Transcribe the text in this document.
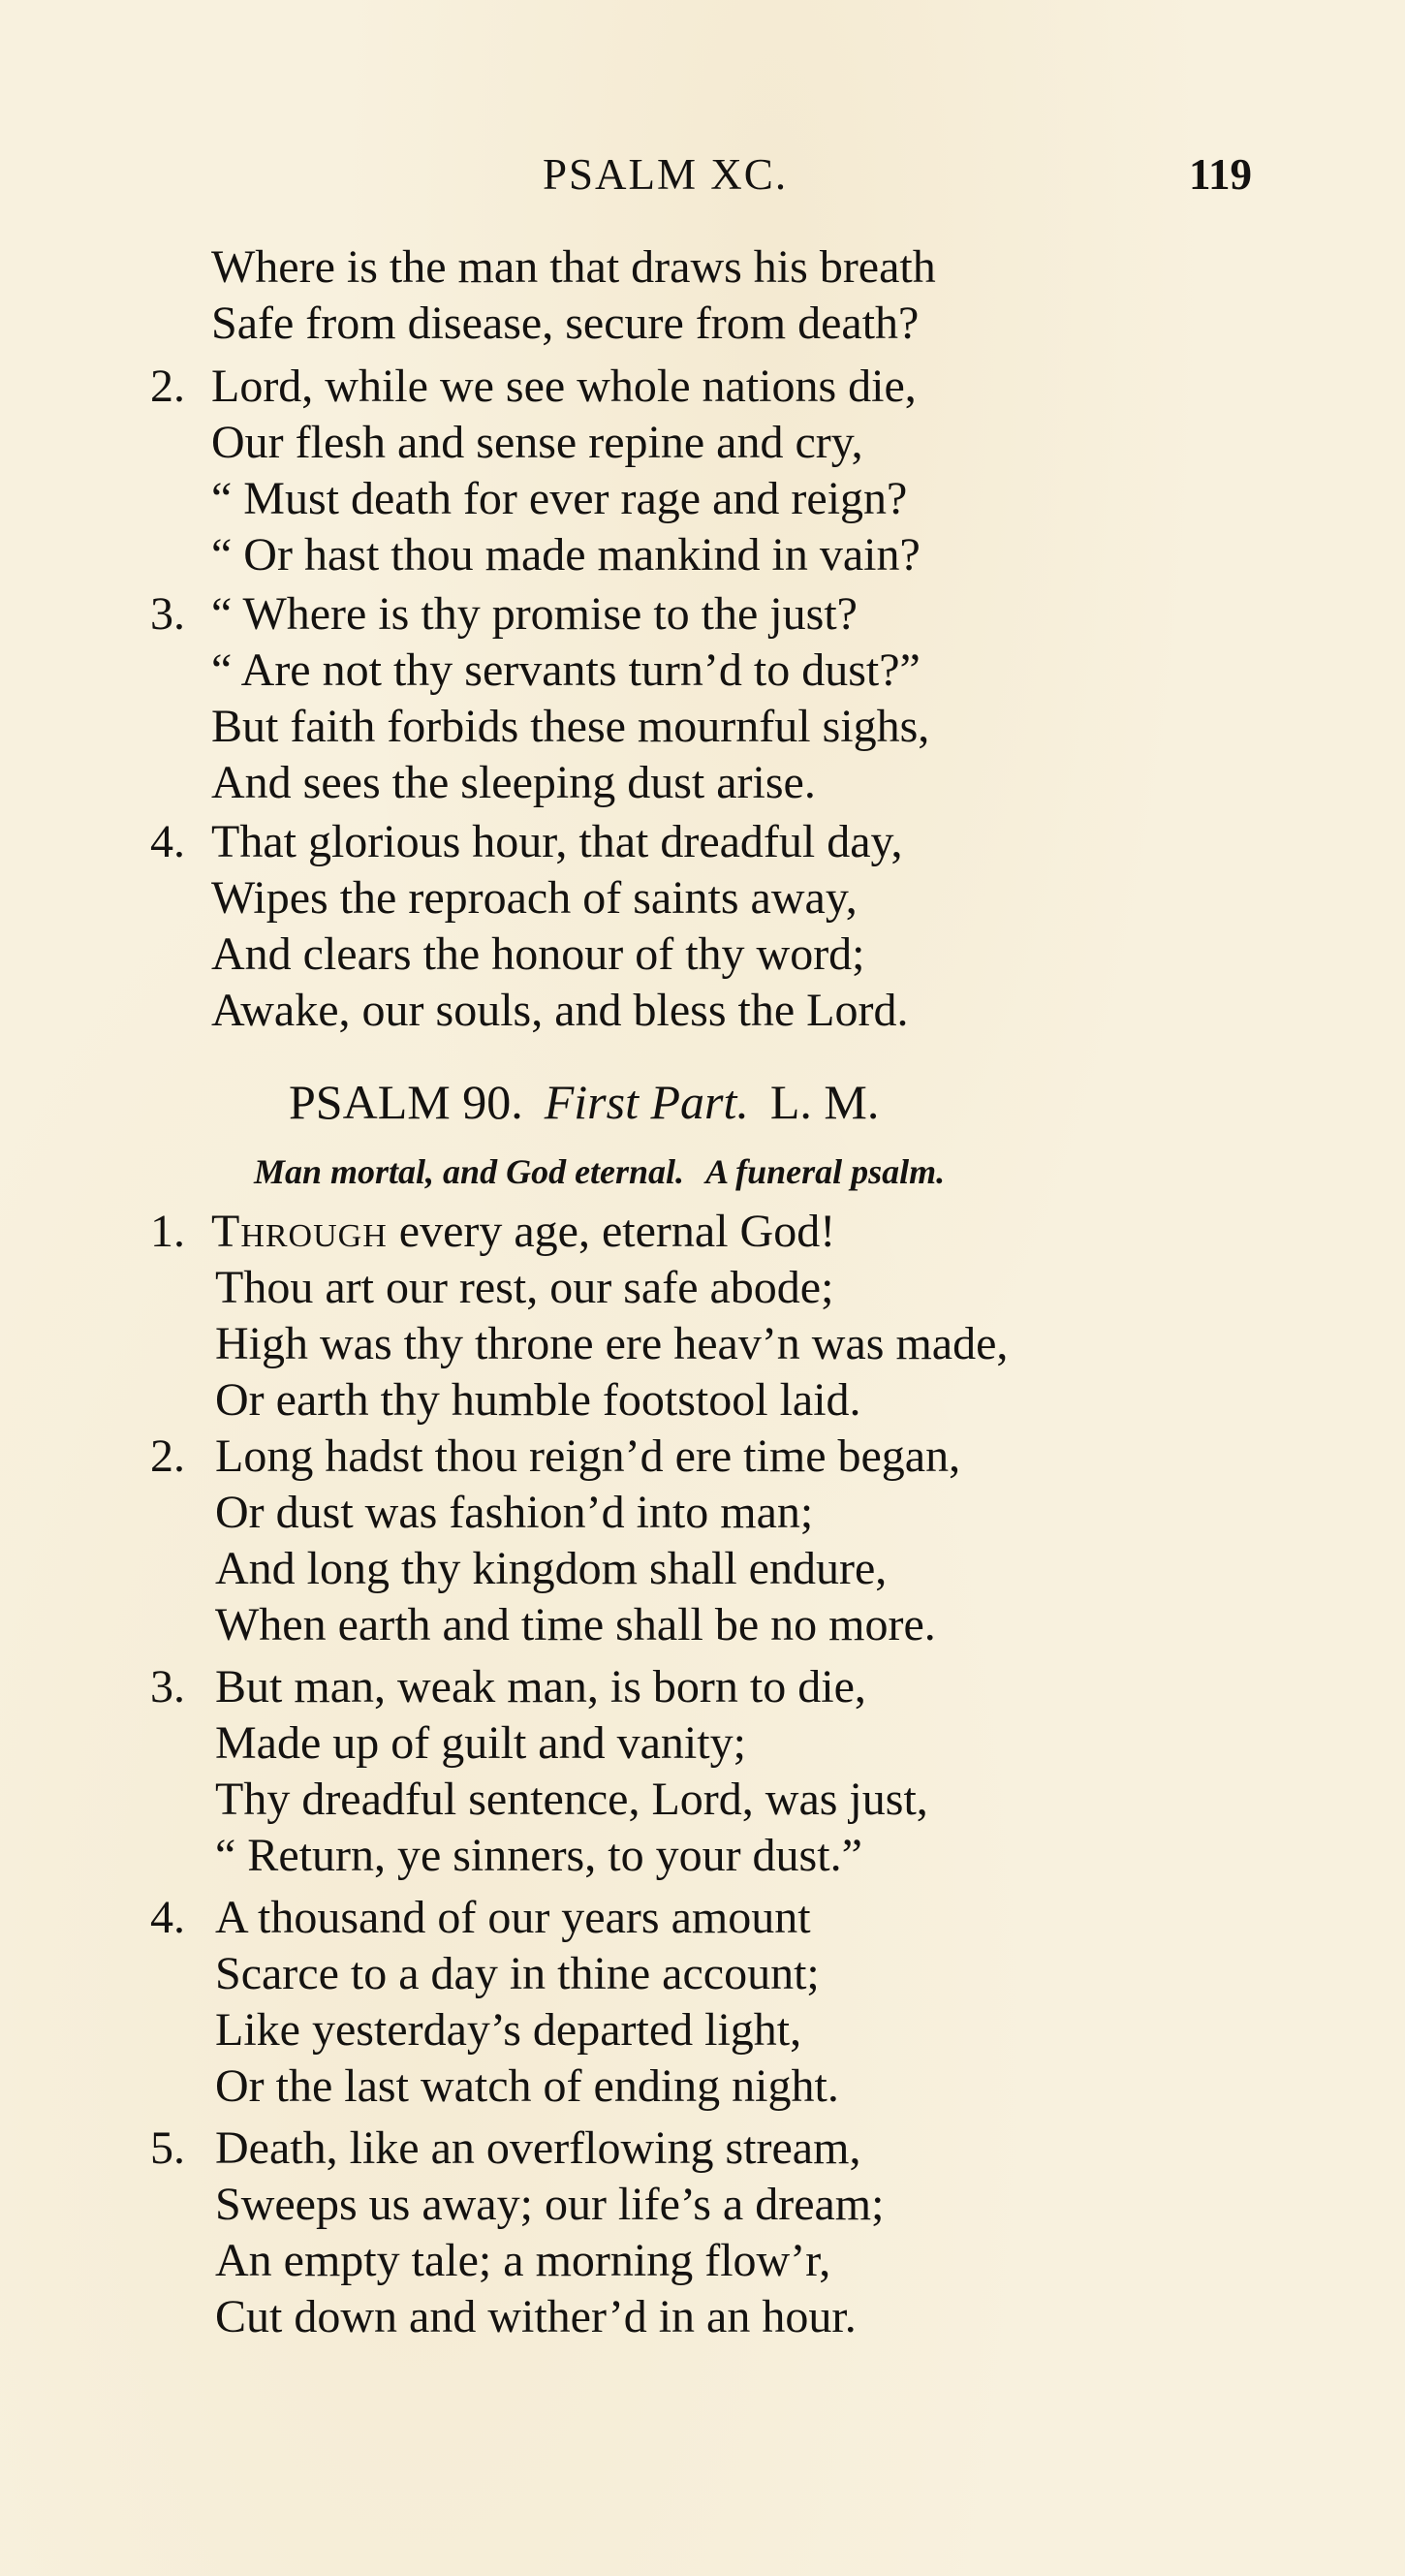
PSALM XC.	119
Where is the man that draws his breath
Safe from disease, secure from death?
2. Lord, while we see whole nations die,
Our flesh and sense repine and cry,
“ Must death for ever rage and reign?
“ Or hast thou made mankind in vain?
3. “ Where is thy promise to the just?
“ Are not thy servants turn’d to dust?”
But faith forbids these mournful sighs,
And sees the sleeping dust arise.
4. That glorious hour, that dreadful day,
Wipes the reproach of saints away,
And clears the honour of thy word;
Awake, our souls, and bless the Lord.
PSALM 90. First Part. L. M.
Man mortal, and God eternal. A funeral psalm.
1. Through every age, eternal God!
Thou art our rest, our safe abode;
High was thy throne ere heav’n was made,
Or earth thy humble footstool laid.
2. Long hadst thou reign’d ere time began,
Or dust was fashion’d into man;
And long thy kingdom shall endure,
When earth and time shall be no more.
3. But man, weak man, is born to die,
Made up of guilt and vanity;
Thy dreadful sentence, Lord, was just,
“ Return, ye sinners, to your dust.”
4. A thousand of our years amount
Scarce to a day in thine account;
Like yesterday’s departed light,
Or the last watch of ending night.
5. Death, like an overflowing stream,
Sweeps us away; our life’s a dream;
An empty tale; a morning flow’r,
Cut down and wither’d in an hour.
